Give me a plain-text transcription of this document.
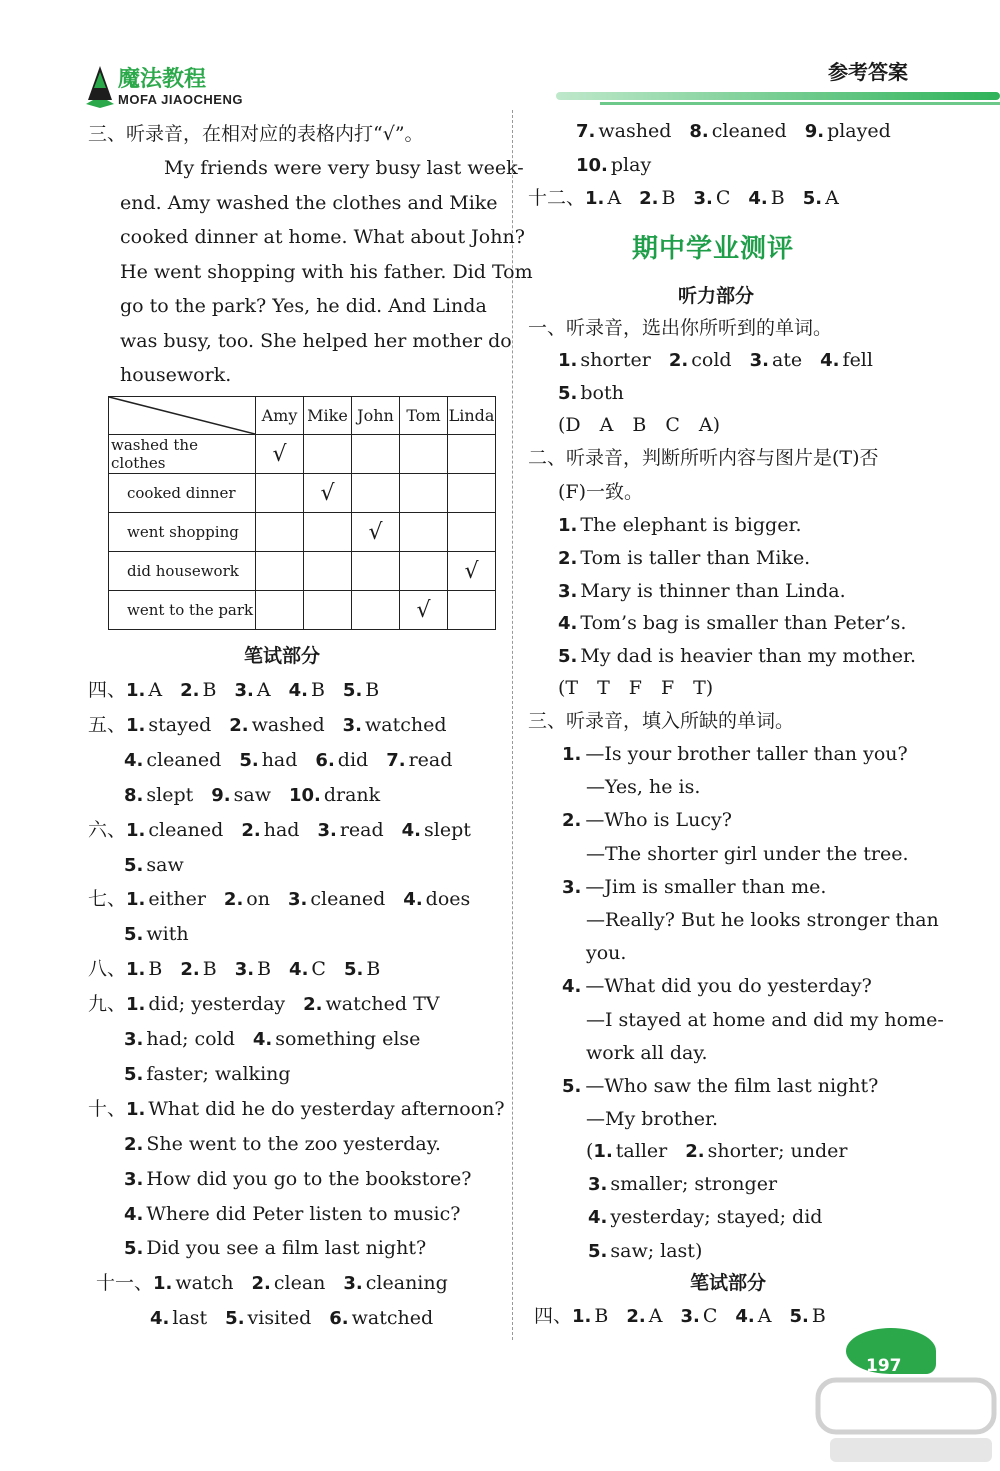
魔法教程
MOFA JIAOCHENG
参考答案
三、听录音，在相对应的表格内打“√”。
My friends were very busy last week-
end. Amy washed the clothes and Mike
cooked dinner at home. What about John?
He went shopping with his father. Did Tom
go to the park? Yes, he did. And Linda
was busy, too. She helped her mother do
housework.
	Amy	Mike	John	Tom	Linda
washed the clothes	√				
cooked dinner		√			
went shopping			√		
did housework					√
went to the park				√	
笔试部分
四、1. A 2. B 3. A 4. B 5. B
五、1. stayed 2. washed 3. watched
4. cleaned 5. had 6. did 7. read
8. slept 9. saw 10. drank
六、1. cleaned 2. had 3. read 4. slept
5. saw
七、1. either 2. on 3. cleaned 4. does
5. with
八、1. B 2. B 3. B 4. C 5. B
九、1. did; yesterday 2. watched TV
3. had; cold 4. something else
5. faster; walking
十、1. What did he do yesterday afternoon?
2. She went to the zoo yesterday.
3. How did you go to the bookstore?
4. Where did Peter listen to music?
5. Did you see a film last night?
十一、1. watch 2. clean 3. cleaning
4. last 5. visited 6. watched
7. washed 8. cleaned 9. played
10. play
十二、1. A 2. B 3. C 4. B 5. A
期中学业测评
听力部分
一、听录音，选出你所听到的单词。
1. shorter 2. cold 3. ate 4. fell
5. both
(D　A　B　C　A)
二、听录音，判断所听内容与图片是(T)否
(F)一致。
1. The elephant is bigger.
2. Tom is taller than Mike.
3. Mary is thinner than Linda.
4. Tom’s bag is smaller than Peter’s.
5. My dad is heavier than my mother.
(T　T　F　F　T)
三、听录音，填入所缺的单词。
1. —Is your brother taller than you?
—Yes, he is.
2. —Who is Lucy?
—The shorter girl under the tree.
3. —Jim is smaller than me.
—Really? But he looks stronger than
you.
4. —What did you do yesterday?
—I stayed at home and did my home-
work all day.
5. —Who saw the film last night?
—My brother.
(1. taller 2. shorter; under
3. smaller; stronger
4. yesterday; stayed; did
5. saw; last)
笔试部分
四、1. B 2. A 3. C 4. A 5. B
197
